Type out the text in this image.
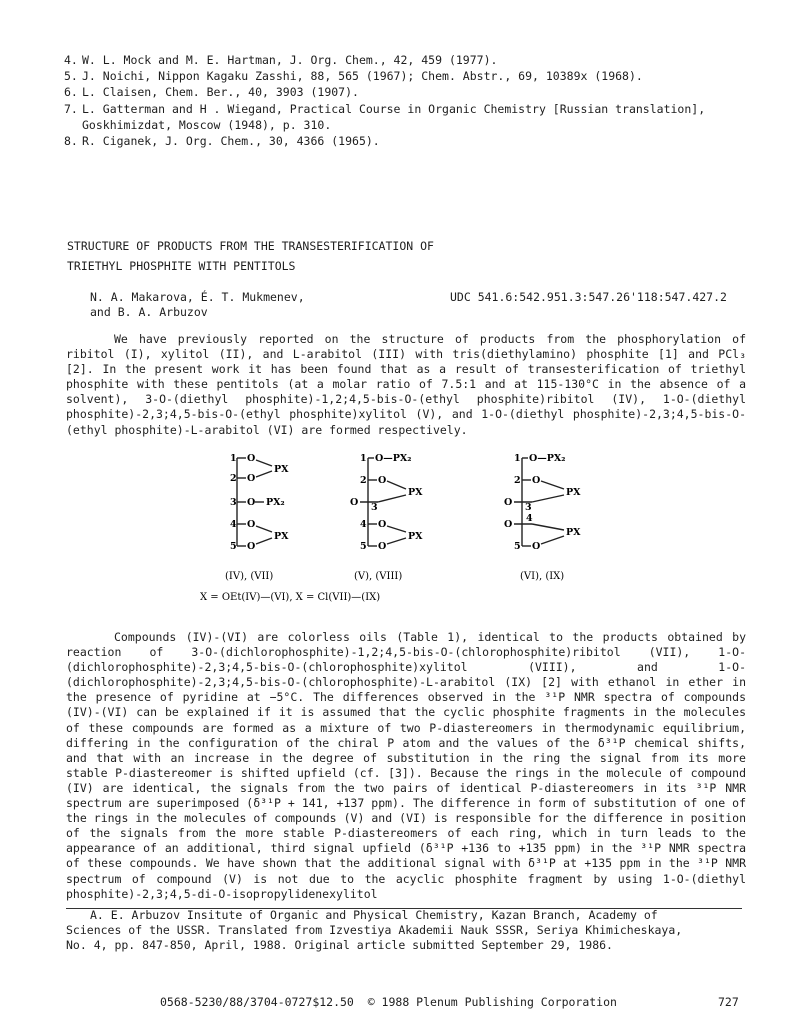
4. W. L. Mock and M. E. Hartman, J. Org. Chem., 42, 459 (1977).
5. J. Noichi, Nippon Kagaku Zasshi, 88, 565 (1967); Chem. Abstr., 69, 10389x (1968).
6. L. Claisen, Chem. Ber., 40, 3903 (1907).
7. L. Gatterman and H . Wiegand, Practical Course in Organic Chemistry [Russian translation], Goskhimizdat, Moscow (1948), p. 310.
8. R. Ciganek, J. Org. Chem., 30, 4366 (1965).
STRUCTURE OF PRODUCTS FROM THE TRANSESTERIFICATION OF
TRIETHYL PHOSPHITE WITH PENTITOLS
N. A. Makarova, É. T. Mukmenev,
and B. A. Arbuzov
UDC 541.6:542.951.3:547.26'118:547.427.2
We have previously reported on the structure of products from the phosphorylation of ribitol (I), xylitol (II), and L-arabitol (III) with tris(diethylamino) phosphite [1] and PCl₃ [2]. In the present work it has been found that as a result of transesterification of triethyl phosphite with these pentitols (at a molar ratio of 7.5:1 and at 115-130°C in the absence of a solvent), 3-O-(diethyl phosphite)-1,2;4,5-bis-O-(ethyl phosphite)ribitol (IV), 1-O-(diethyl phosphite)-2,3;4,5-bis-O-(ethyl phosphite)xylitol (V), and 1-O-(diethyl phosphite)-2,3;4,5-bis-O-(ethyl phosphite)-L-arabitol (VI) are formed respectively.
1
2
3
4
5
O
O
PX
O PX₂
O
O
PX
1 O—PX₂
2 O
PX
O 3
4 O
5 O
PX
1 O—PX₂
2 O
PX
O 3
O
4
PX
5 O
(IV), (VII)	(V), (VIII)	(VI), (IX)
X = OEt(IV)—(VI), X = Cl(VII)—(IX)
Compounds (IV)-(VI) are colorless oils (Table 1), identical to the products obtained by reaction of 3-O-(dichlorophosphite)-1,2;4,5-bis-O-(chlorophosphite)ribitol (VII), 1-O-(dichlorophosphite)-2,3;4,5-bis-O-(chlorophosphite)xylitol (VIII), and 1-O-(dichlorophosphite)-2,3;4,5-bis-O-(chlorophosphite)-L-arabitol (IX) [2] with ethanol in ether in the presence of pyridine at −5°C. The differences observed in the ³¹P NMR spectra of compounds (IV)-(VI) can be explained if it is assumed that the cyclic phosphite fragments in the molecules of these compounds are formed as a mixture of two P-diastereomers in thermodynamic equilibrium, differing in the configuration of the chiral P atom and the values of the δ³¹P chemical shifts, and that with an increase in the degree of substitution in the ring the signal from its more stable P-diastereomer is shifted upfield (cf. [3]). Because the rings in the molecule of compound (IV) are identical, the signals from the two pairs of identical P-diastereomers in its ³¹P NMR spectrum are superimposed (δ³¹P + 141, +137 ppm). The difference in form of substitution of one of the rings in the molecules of compounds (V) and (VI) is responsible for the difference in position of the signals from the more stable P-diastereomers of each ring, which in turn leads to the appearance of an additional, third signal upfield (δ³¹P +136 to +135 ppm) in the ³¹P NMR spectra of these compounds. We have shown that the additional signal with δ³¹P at +135 ppm in the ³¹P NMR spectrum of compound (V) is not due to the acyclic phosphite fragment by using 1-O-(diethyl phosphite)-2,3;4,5-di-O-isopropylidenexylitol
A. E. Arbuzov Insitute of Organic and Physical Chemistry, Kazan Branch, Academy of
Sciences of the USSR. Translated from Izvestiya Akademii Nauk SSSR, Seriya Khimicheskaya,
No. 4, pp. 847-850, April, 1988. Original article submitted September 29, 1986.
0568-5230/88/3704-0727$12.50  © 1988 Plenum Publishing Corporation	727
